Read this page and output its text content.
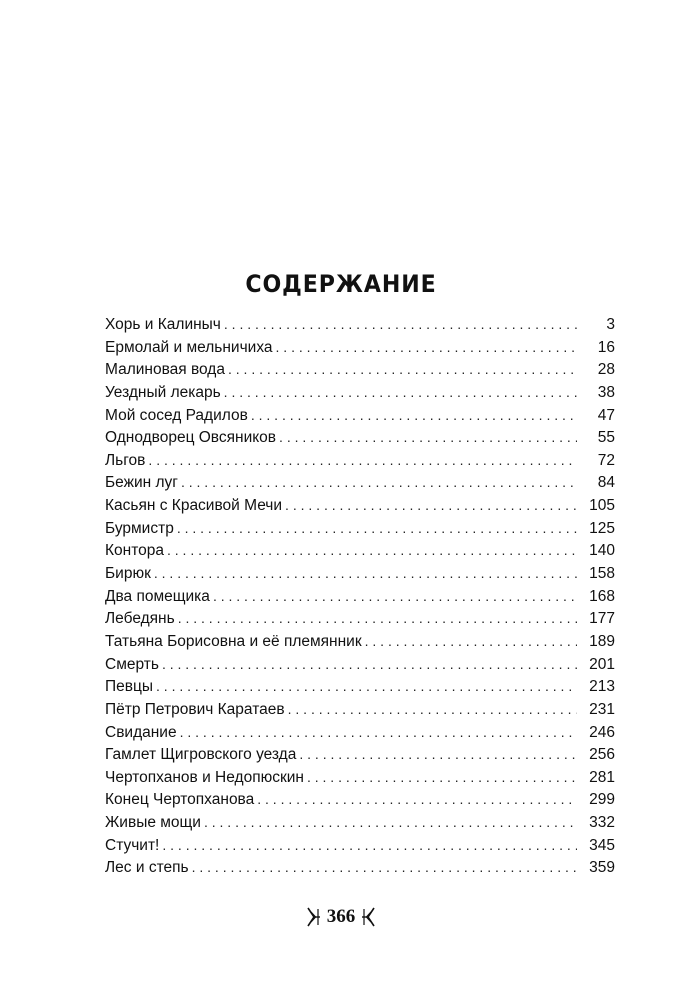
СОДЕРЖАНИЕ
Хорь и Калиныч . . .	3
Ермолай и мельничиха . . .	16
Малиновая вода . . .	28
Уездный лекарь . . .	38
Мой сосед Радилов . . .	47
Однодворец Овсяников . . .	55
Льгов . . .	72
Бежин луг . . .	84
Касьян с Красивой Мечи . . .	105
Бурмистр . . .	125
Контора . . .	140
Бирюк . . .	158
Два помещика . . .	168
Лебедянь . . .	177
Татьяна Борисовна и её племянник . . .	189
Смерть . . .	201
Певцы . . .	213
Пётр Петрович Каратаев . . .	231
Свидание . . .	246
Гамлет Щигровского уезда . . .	256
Чертопханов и Недопюскин . . .	281
Конец Чертопханова . . .	299
Живые мощи . . .	332
Стучит! . . .	345
Лес и степь . . .	359
366
